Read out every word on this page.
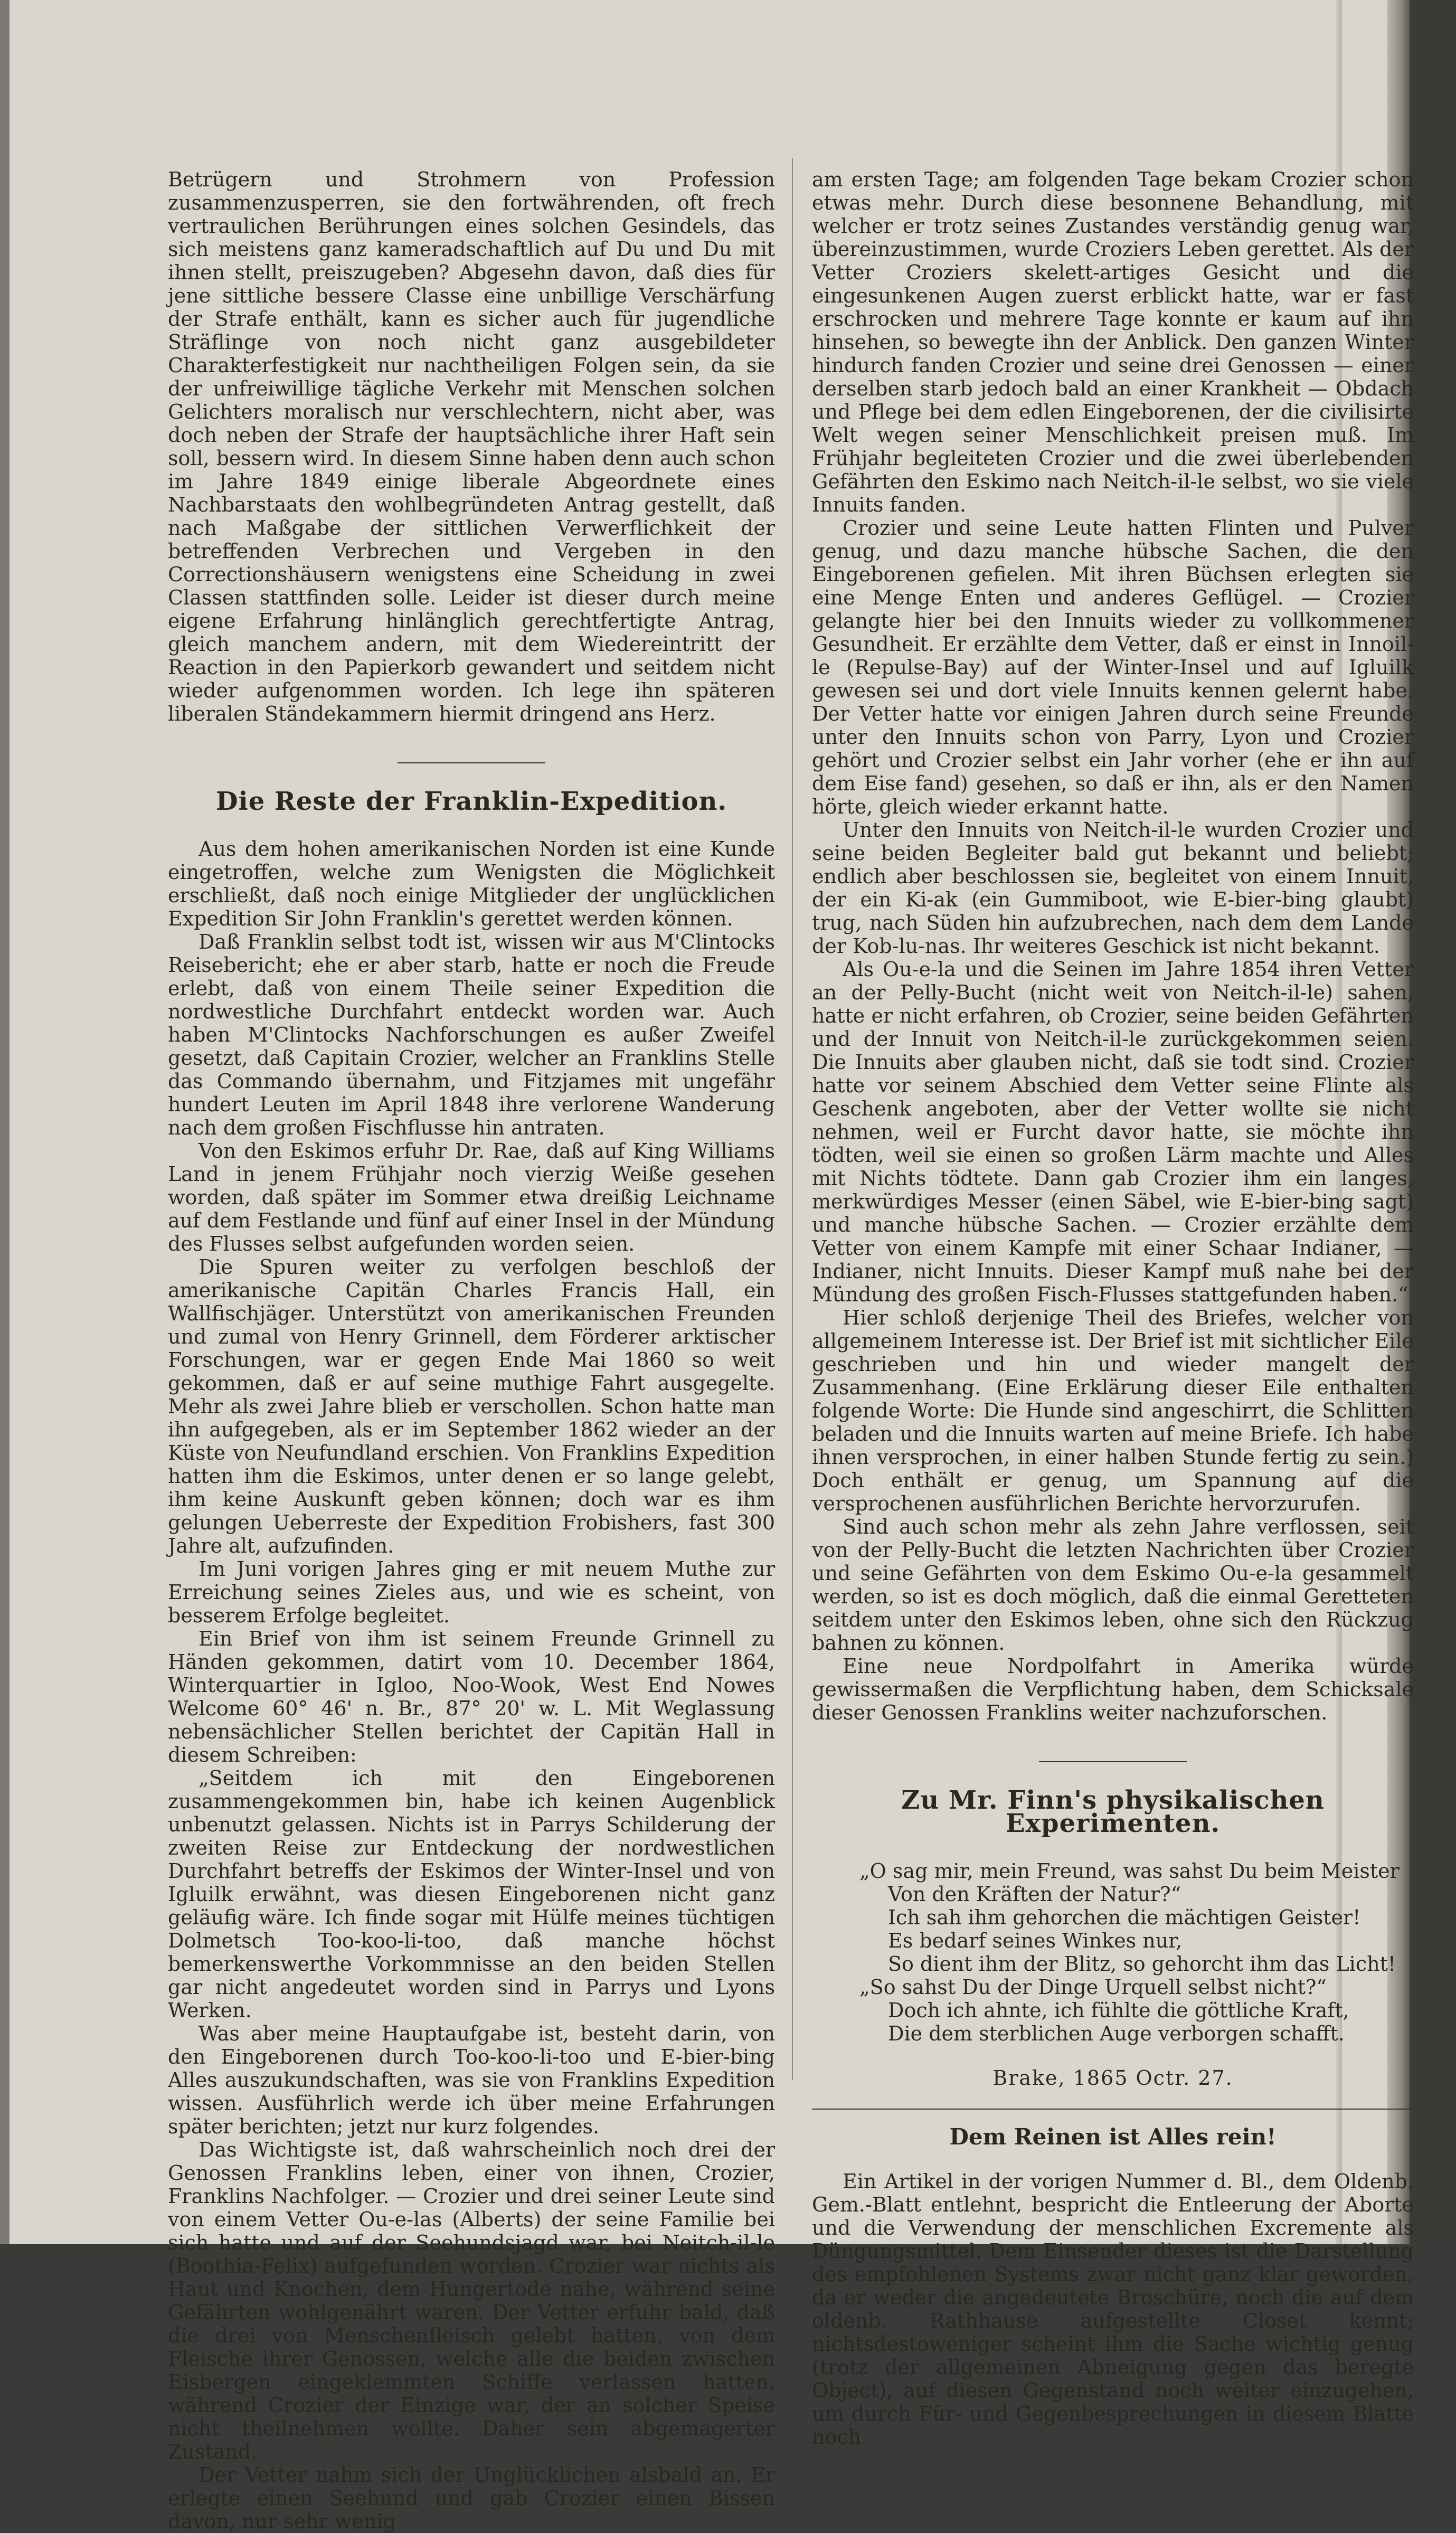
Betrügern und Strohmern von Profession zusammenzusperren, sie den fortwährenden, oft frech vertraulichen Berührungen eines solchen Gesindels, das sich meistens ganz kameradschaftlich auf Du und Du mit ihnen stellt, preiszugeben? Abgesehn davon, daß dies für jene sittliche bessere Classe eine unbillige Verschärfung der Strafe enthält, kann es sicher auch für jugendliche Sträflinge von noch nicht ganz ausgebildeter Charakterfestigkeit nur nachtheiligen Folgen sein, da sie der unfreiwillige tägliche Verkehr mit Menschen solchen Gelichters moralisch nur verschlechtern, nicht aber, was doch neben der Strafe der hauptsächliche ihrer Haft sein soll, bessern wird. In diesem Sinne haben denn auch schon im Jahre 1849 einige liberale Abgeordnete eines Nachbarstaats den wohlbegründeten Antrag gestellt, daß nach Maßgabe der sittlichen Verwerflichkeit der betreffenden Verbrechen und Vergeben in den Correctionshäusern wenigstens eine Scheidung in zwei Classen stattfinden solle. Leider ist dieser durch meine eigene Erfahrung hinlänglich gerechtfertigte Antrag, gleich manchem andern, mit dem Wiedereintritt der Reaction in den Papierkorb gewandert und seitdem nicht wieder aufgenommen worden. Ich lege ihn späteren liberalen Ständekammern hiermit dringend ans Herz.

Die Reste der Franklin-Expedition.

Aus dem hohen amerikanischen Norden ist eine Kunde eingetroffen, welche zum Wenigsten die Möglichkeit erschließt, daß noch einige Mitglieder der unglücklichen Expedition Sir John Franklin's gerettet werden können.

Daß Franklin selbst todt ist, wissen wir aus M'Clintocks Reisebericht; ehe er aber starb, hatte er noch die Freude erlebt, daß von einem Theile seiner Expedition die nordwestliche Durchfahrt entdeckt worden war. Auch haben M'Clintocks Nachforschungen es außer Zweifel gesetzt, daß Capitain Crozier, welcher an Franklins Stelle das Commando übernahm, und Fitzjames mit ungefähr hundert Leuten im April 1848 ihre verlorene Wanderung nach dem großen Fischflusse hin antraten.

Von den Eskimos erfuhr Dr. Rae, daß auf King Williams Land in jenem Frühjahr noch vierzig Weiße gesehen worden, daß später im Sommer etwa dreißig Leichname auf dem Festlande und fünf auf einer Insel in der Mündung des Flusses selbst aufgefunden worden seien.

Die Spuren weiter zu verfolgen beschloß der amerikanische Capitän Charles Francis Hall, ein Wallfischjäger. Unterstützt von amerikanischen Freunden und zumal von Henry Grinnell, dem Förderer arktischer Forschungen, war er gegen Ende Mai 1860 so weit gekommen, daß er auf seine muthige Fahrt ausgegelte. Mehr als zwei Jahre blieb er verschollen. Schon hatte man ihn aufgegeben, als er im September 1862 wieder an der Küste von Neufundland erschien. Von Franklins Expedition hatten ihm die Eskimos, unter denen er so lange gelebt, ihm keine Auskunft geben können; doch war es ihm gelungen Ueberreste der Expedition Frobishers, fast 300 Jahre alt, aufzufinden.

Im Juni vorigen Jahres ging er mit neuem Muthe zur Erreichung seines Zieles aus, und wie es scheint, von besserem Erfolge begleitet.

Ein Brief von ihm ist seinem Freunde Grinnell zu Händen gekommen, datirt vom 10. December 1864, Winterquartier in Igloo, Noo-Wook, West End Nowes Welcome 60° 46' n. Br., 87° 20' w. L. Mit Weglassung nebensächlicher Stellen berichtet der Capitän Hall in diesem Schreiben:

„Seitdem ich mit den Eingeborenen zusammengekommen bin, habe ich keinen Augenblick unbenutzt gelassen. Nichts ist in Parrys Schilderung der zweiten Reise zur Entdeckung der nordwestlichen Durchfahrt betreffs der Eskimos der Winter-Insel und von Igluilk erwähnt, was diesen Eingeborenen nicht ganz geläufig wäre. Ich finde sogar mit Hülfe meines tüchtigen Dolmetsch Too-koo-li-too, daß manche höchst bemerkenswerthe Vorkommnisse an den beiden Stellen gar nicht angedeutet worden sind in Parrys und Lyons Werken.

Was aber meine Hauptaufgabe ist, besteht darin, von den Eingeborenen durch Too-koo-li-too und E-bier-bing Alles auszukundschaften, was sie von Franklins Expedition wissen. Ausführlich werde ich über meine Erfahrungen später berichten; jetzt nur kurz folgendes.

Das Wichtigste ist, daß wahrscheinlich noch drei der Genossen Franklins leben, einer von ihnen, Crozier, Franklins Nachfolger. — Crozier und drei seiner Leute sind von einem Vetter Ou-e-las (Alberts) der seine Familie bei sich hatte und auf der Seehundsjagd war, bei Neitch-il-le (Boothia-Felix) aufgefunden worden. Crozier war nichts als Haut und Knochen, dem Hungertode nahe, während seine Gefährten wohlgenährt waren. Der Vetter erfuhr bald, daß die drei von Menschenfleisch gelebt hatten, von dem Fleische ihrer Genossen, welche alle die beiden zwischen Eisbergen eingeklemmten Schiffe verlassen hatten, während Crozier der Einzige war, der an solcher Speise nicht theilnehmen wollte. Daher sein abgemagerter Zustand.

Der Vetter nahm sich der Unglücklichen alsbald an. Er erlegte einen Seehund und gab Crozier einen Bissen davon, nur sehr wenig

am ersten Tage; am folgenden Tage bekam Crozier schon etwas mehr. Durch diese besonnene Behandlung, mit welcher er trotz seines Zustandes verständig genug war, übereinzustimmen, wurde Croziers Leben gerettet. Als der Vetter Croziers skelett-artiges Gesicht und die eingesunkenen Augen zuerst erblickt hatte, war er fast erschrocken und mehrere Tage konnte er kaum auf ihn hinsehen, so bewegte ihn der Anblick. Den ganzen Winter hindurch fanden Crozier und seine drei Genossen — einer derselben starb jedoch bald an einer Krankheit — Obdach und Pflege bei dem edlen Eingeborenen, der die civilisirte Welt wegen seiner Menschlichkeit preisen muß. Im Frühjahr begleiteten Crozier und die zwei überlebenden Gefährten den Eskimo nach Neitch-il-le selbst, wo sie viele Innuits fanden.

Crozier und seine Leute hatten Flinten und Pulver genug, und dazu manche hübsche Sachen, die den Eingeborenen gefielen. Mit ihren Büchsen erlegten sie eine Menge Enten und anderes Geflügel. — Crozier gelangte hier bei den Innuits wieder zu vollkommener Gesundheit. Er erzählte dem Vetter, daß er einst in Innoil-le (Repulse-Bay) auf der Winter-Insel und auf Igluilk gewesen sei und dort viele Innuits kennen gelernt habe. Der Vetter hatte vor einigen Jahren durch seine Freunde unter den Innuits schon von Parry, Lyon und Crozier gehört und Crozier selbst ein Jahr vorher (ehe er ihn auf dem Eise fand) gesehen, so daß er ihn, als er den Namen hörte, gleich wieder erkannt hatte.

Unter den Innuits von Neitch-il-le wurden Crozier und seine beiden Begleiter bald gut bekannt und beliebt; endlich aber beschlossen sie, begleitet von einem Innuit, der ein Ki-ak (ein Gummiboot, wie E-bier-bing glaubt) trug, nach Süden hin aufzubrechen, nach dem dem Lande der Kob-lu-nas. Ihr weiteres Geschick ist nicht bekannt.

Als Ou-e-la und die Seinen im Jahre 1854 ihren Vetter an der Pelly-Bucht (nicht weit von Neitch-il-le) sahen, hatte er nicht erfahren, ob Crozier, seine beiden Gefährten und der Innuit von Neitch-il-le zurückgekommen seien. Die Innuits aber glauben nicht, daß sie todt sind. Crozier hatte vor seinem Abschied dem Vetter seine Flinte als Geschenk angeboten, aber der Vetter wollte sie nicht nehmen, weil er Furcht davor hatte, sie möchte ihn tödten, weil sie einen so großen Lärm machte und Alles mit Nichts tödtete. Dann gab Crozier ihm ein langes, merkwürdiges Messer (einen Säbel, wie E-bier-bing sagt) und manche hübsche Sachen. — Crozier erzählte dem Vetter von einem Kampfe mit einer Schaar Indianer, — Indianer, nicht Innuits. Dieser Kampf muß nahe bei der Mündung des großen Fisch-Flusses stattgefunden haben.“

Hier schloß derjenige Theil des Briefes, welcher von allgemeinem Interesse ist. Der Brief ist mit sichtlicher Eile geschrieben und hin und wieder mangelt der Zusammenhang. (Eine Erklärung dieser Eile enthalten folgende Worte: Die Hunde sind angeschirrt, die Schlitten beladen und die Innuits warten auf meine Briefe. Ich habe ihnen versprochen, in einer halben Stunde fertig zu sein.) Doch enthält er genug, um Spannung auf die versprochenen ausführlichen Berichte hervorzurufen.

Sind auch schon mehr als zehn Jahre verflossen, seit von der Pelly-Bucht die letzten Nachrichten über Crozier und seine Gefährten von dem Eskimo Ou-e-la gesammelt werden, so ist es doch möglich, daß die einmal Geretteten seitdem unter den Eskimos leben, ohne sich den Rückzug bahnen zu können.

Eine neue Nordpolfahrt in Amerika würde gewissermaßen die Verpflichtung haben, dem Schicksale dieser Genossen Franklins weiter nachzuforschen.

Zu Mr. Finn's physikalischen Experimenten.
„O sag mir, mein Freund, was sahst Du beim Meister
Von den Kräften der Natur?“
Ich sah ihm gehorchen die mächtigen Geister!
Es bedarf seines Winkes nur,
So dient ihm der Blitz, so gehorcht ihm das Licht!
„So sahst Du der Dinge Urquell selbst nicht?“
Doch ich ahnte, ich fühlte die göttliche Kraft,
Die dem sterblichen Auge verborgen schafft.

Brake, 1865 Octr. 27.

Dem Reinen ist Alles rein!

Ein Artikel in der vorigen Nummer d. Bl., dem Oldenb. Gem.-Blatt entlehnt, bespricht die Entleerung der Aborte und die Verwendung der menschlichen Excremente als Düngungsmittel. Dem Einsender dieses ist die Darstellung des empfohlenen Systems zwar nicht ganz klar geworden, da er weder die angedeutete Broschüre, noch die auf dem oldenb. Rathhause aufgestellte Closet kennt; nichtsdestoweniger scheint ihm die Sache wichtig genug (trotz der allgemeinen Abneigung gegen das beregte Object), auf diesen Gegenstand noch weiter einzugehen, um durch Für- und Gegenbesprechungen in diesem Blatte noch
